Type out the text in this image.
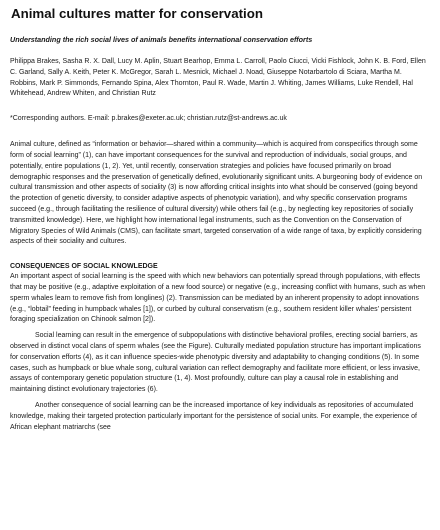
Animal cultures matter for conservation
Understanding the rich social lives of animals benefits international conservation efforts
Philippa Brakes, Sasha R. X. Dall, Lucy M. Aplin, Stuart Bearhop, Emma L. Carroll, Paolo Ciucci, Vicki Fishlock, John K. B. Ford, Ellen C. Garland, Sally A. Keith, Peter K. McGregor, Sarah L. Mesnick, Michael J. Noad, Giuseppe Notarbartolo di Sciara, Martha M. Robbins, Mark P. Simmonds, Fernando Spina, Alex Thornton, Paul R. Wade, Martin J. Whiting, James Williams, Luke Rendell, Hal Whitehead, Andrew Whiten, and Christian Rutz
*Corresponding authors. E-mail: p.brakes@exeter.ac.uk; christian.rutz@st-andrews.ac.uk

Animal culture, defined as “information or behavior—shared within a community—which is acquired from conspecifics through some form of social learning” (1), can have important consequences for the survival and reproduction of individuals, social groups, and potentially, entire populations (1, 2). Yet, until recently, conservation strategies and policies have focused primarily on broad demographic responses and the preservation of genetically defined, evolutionarily significant units. A burgeoning body of evidence on cultural transmission and other aspects of sociality (3) is now affording critical insights into what should be conserved (going beyond the protection of genetic diversity, to consider adaptive aspects of phenotypic variation), and why specific conservation programs succeed (e.g., through facilitating the resilience of cultural diversity) while others fail (e.g., by neglecting key repositories of socially transmitted knowledge). Here, we highlight how international legal instruments, such as the Convention on the Conservation of Migratory Species of Wild Animals (CMS), can facilitate smart, targeted conservation of a wide range of taxa, by explicitly considering aspects of their sociality and cultures.

CONSEQUENCES OF SOCIAL KNOWLEDGE

An important aspect of social learning is the speed with which new behaviors can potentially spread through populations, with effects that may be positive (e.g., adaptive exploitation of a new food source) or negative (e.g., increasing conflict with humans, such as when sperm whales learn to remove fish from longlines) (2). Transmission can be mediated by an inherent propensity to adopt innovations (e.g., “lobtail” feeding in humpback whales [1]), or curbed by cultural conservatism (e.g., southern resident killer whales’ persistent foraging specialization on Chinook salmon [2]).

Social learning can result in the emergence of subpopulations with distinctive behavioral profiles, erecting social barriers, as observed in distinct vocal clans of sperm whales (see the Figure). Culturally mediated population structure has important implications for conservation efforts (4), as it can influence species-wide phenotypic diversity and adaptability to changing conditions (5). In some cases, such as humpback or blue whale song, cultural variation can reflect demography and facilitate more efficient, or less invasive, assays of contemporary genetic population structure (1, 4). Most profoundly, culture can play a causal role in establishing and maintaining distinct evolutionary trajectories (6).

Another consequence of social learning can be the increased importance of key individuals as repositories of accumulated knowledge, making their targeted protection particularly important for the persistence of social units. For example, the experience of African elephant matriarchs (see
